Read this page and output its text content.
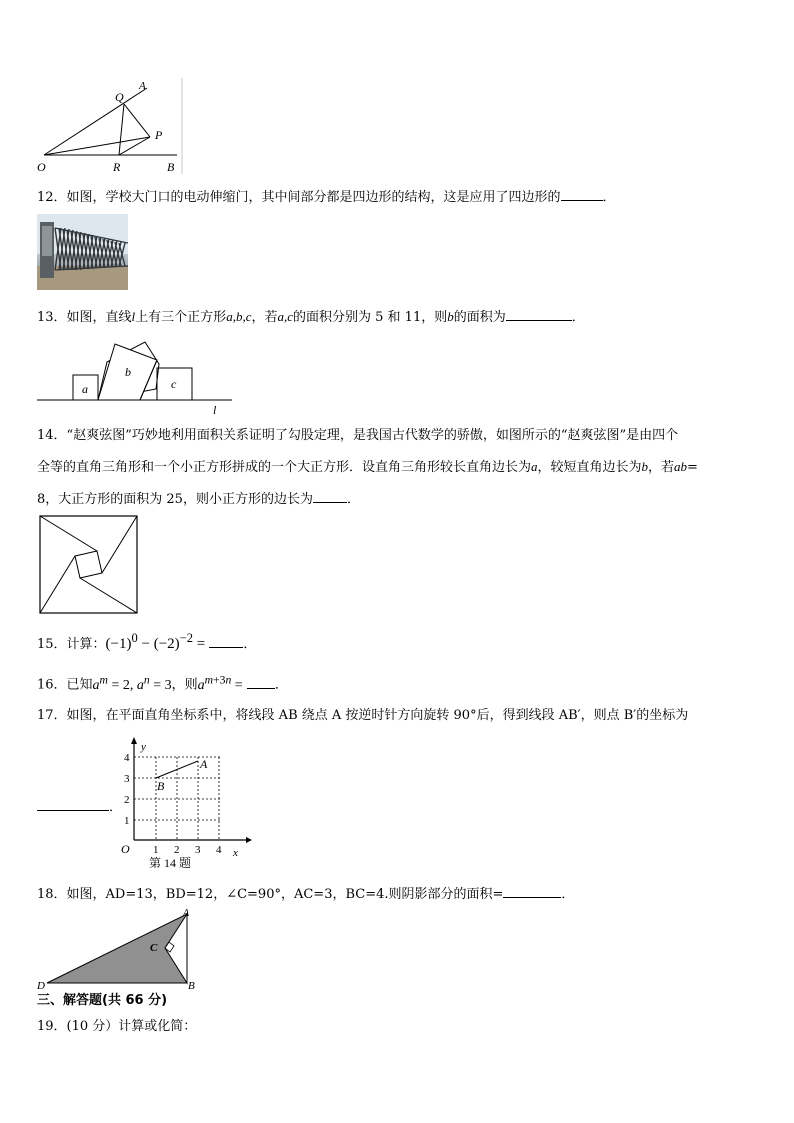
A
Q
P
O	R	B
12．如图，学校大门口的电动伸缩门，其中间部分都是四边形的结构，这是应用了四边形的	．
13．如图，直线l上有三个正方形a,b,c，若a,c的面积分别为 5 和 11，则b的面积为	．
a
b
c
l
14．“赵爽弦图”巧妙地利用面积关系证明了勾股定理，是我国古代数学的骄傲，如图所示的“赵爽弦图”是由四个
全等的直角三角形和一个小正方形拼成的一个大正方形．设直角三角形较长直角边长为a，较短直角边长为b，若ab=
8，大正方形的面积为 25，则小正方形的边长为	．
15．计算：$(-1)^0 - (-2)^{-2}$ =	．
16．已知$a^m = 2$, $a^n = 3$，则$a^{m+3n}$ = ．
17．如图，在平面直角坐标系中，将线段 AB 绕点 A 按逆时针方向旋转 90°后，得到线段 AB′，则点 B′的坐标为
y
x
O 1 2 3 4
1
2
3
4	A
B
第 14 题
．
18．如图，AD=13，BD=12，∠C=90°，AC=3，BC=4.则阴影部分的面积=	．
A
C
D	B
三、解答题(共 66 分)
19．(10 分）计算或化简：
